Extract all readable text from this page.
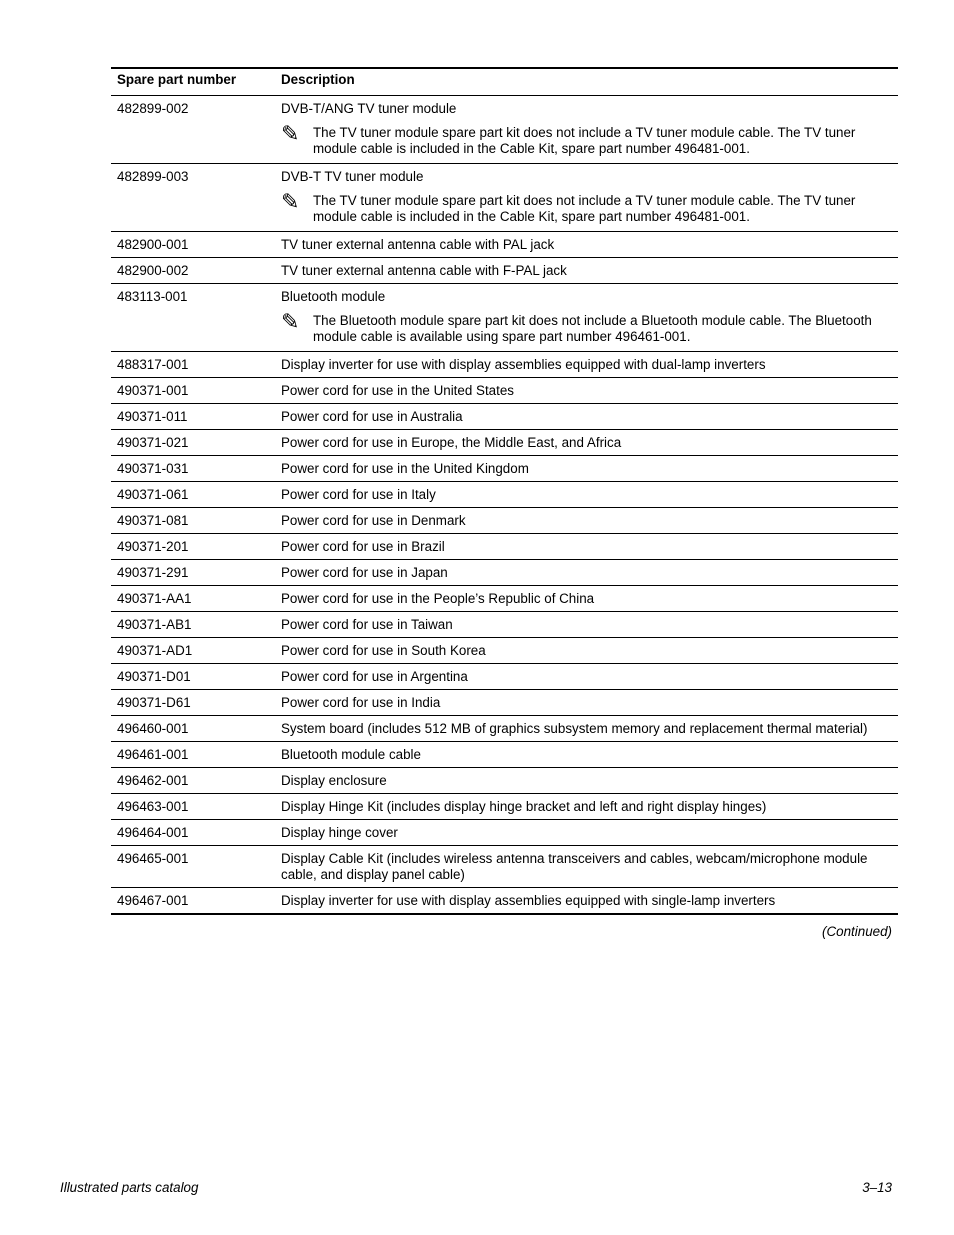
Spare part number	Description
482899-002	DVB-T/ANG TV tuner module
✎ The TV tuner module spare part kit does not include a TV tuner module cable. The TV tuner module cable is included in the Cable Kit, spare part number 496481-001.

482899-003	DVB-T TV tuner module
✎ The TV tuner module spare part kit does not include a TV tuner module cable. The TV tuner module cable is included in the Cable Kit, spare part number 496481-001.

482900-001	TV tuner external antenna cable with PAL jack

482900-002	TV tuner external antenna cable with F-PAL jack

483113-001	Bluetooth module
✎ The Bluetooth module spare part kit does not include a Bluetooth module cable. The Bluetooth module cable is available using spare part number 496461-001.

488317-001	Display inverter for use with display assemblies equipped with dual-lamp inverters

490371-001	Power cord for use in the United States

490371-011	Power cord for use in Australia

490371-021	Power cord for use in Europe, the Middle East, and Africa

490371-031	Power cord for use in the United Kingdom

490371-061	Power cord for use in Italy

490371-081	Power cord for use in Denmark

490371-201	Power cord for use in Brazil

490371-291	Power cord for use in Japan

490371-AA1	Power cord for use in the People’s Republic of China

490371-AB1	Power cord for use in Taiwan

490371-AD1	Power cord for use in South Korea

490371-D01	Power cord for use in Argentina

490371-D61	Power cord for use in India

496460-001	System board (includes 512 MB of graphics subsystem memory and replacement thermal material)

496461-001	Bluetooth module cable

496462-001	Display enclosure

496463-001	Display Hinge Kit (includes display hinge bracket and left and right display hinges)

496464-001	Display hinge cover

496465-001	Display Cable Kit (includes wireless antenna transceivers and cables, webcam/microphone module cable, and display panel cable)

496467-001	Display inverter for use with display assemblies equipped with single-lamp inverters
(Continued)
Illustrated parts catalog	3–13
